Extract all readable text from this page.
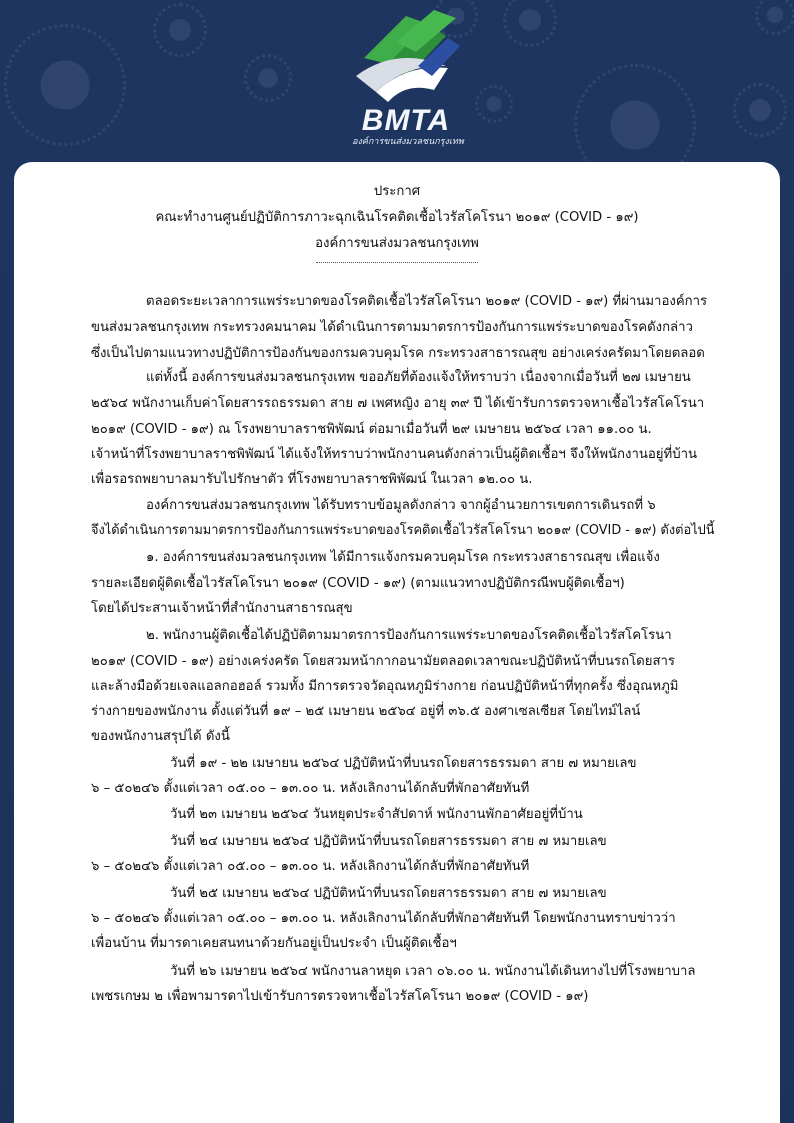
BMTA
องค์การขนส่งมวลชนกรุงเทพ
ประกาศ
คณะทำงานศูนย์ปฏิบัติการภาวะฉุกเฉินโรคติดเชื้อไวรัสโคโรนา ๒๐๑๙ (COVID - ๑๙)
องค์การขนส่งมวลชนกรุงเทพ
ตลอดระยะเวลาการแพร่ระบาดของโรคติดเชื้อไวรัสโคโรนา ๒๐๑๙ (COVID - ๑๙) ที่ผ่านมาองค์การ
ขนส่งมวลชนกรุงเทพ กระทรวงคมนาคม ได้ดำเนินการตามมาตรการป้องกันการแพร่ระบาดของโรคดังกล่าว
ซึ่งเป็นไปตามแนวทางปฏิบัติการป้องกันของกรมควบคุมโรค กระทรวงสาธารณสุข อย่างเคร่งครัดมาโดยตลอด
แต่ทั้งนี้ องค์การขนส่งมวลชนกรุงเทพ ขออภัยที่ต้องแจ้งให้ทราบว่า เนื่องจากเมื่อวันที่ ๒๗ เมษายน
๒๕๖๔ พนักงานเก็บค่าโดยสารรถธรรมดา สาย ๗ เพศหญิง อายุ ๓๙ ปี ได้เข้ารับการตรวจหาเชื้อไวรัสโคโรนา
๒๐๑๙ (COVID - ๑๙) ณ โรงพยาบาลราชพิพัฒน์ ต่อมาเมื่อวันที่ ๒๙ เมษายน ๒๕๖๔ เวลา ๑๑.๐๐ น.
เจ้าหน้าที่โรงพยาบาลราชพิพัฒน์ ได้แจ้งให้ทราบว่าพนักงานคนดังกล่าวเป็นผู้ติดเชื้อฯ จึงให้พนักงานอยู่ที่บ้าน
เพื่อรอรถพยาบาลมารับไปรักษาตัว ที่โรงพยาบาลราชพิพัฒน์ ในเวลา ๑๒.๐๐ น.
องค์การขนส่งมวลชนกรุงเทพ ได้รับทราบข้อมูลดังกล่าว จากผู้อำนวยการเขตการเดินรถที่ ๖
จึงได้ดำเนินการตามมาตรการป้องกันการแพร่ระบาดของโรคติดเชื้อไวรัสโคโรนา ๒๐๑๙ (COVID - ๑๙) ดังต่อไปนี้
๑. องค์การขนส่งมวลชนกรุงเทพ ได้มีการแจ้งกรมควบคุมโรค กระทรวงสาธารณสุข เพื่อแจ้ง
รายละเอียดผู้ติดเชื้อไวรัสโคโรนา ๒๐๑๙ (COVID - ๑๙) (ตามแนวทางปฏิบัติกรณีพบผู้ติดเชื้อฯ)
โดยได้ประสานเจ้าหน้าที่สำนักงานสาธารณสุข
๒. พนักงานผู้ติดเชื้อได้ปฏิบัติตามมาตรการป้องกันการแพร่ระบาดของโรคติดเชื้อไวรัสโคโรนา
๒๐๑๙ (COVID - ๑๙) อย่างเคร่งครัด โดยสวมหน้ากากอนามัยตลอดเวลาขณะปฏิบัติหน้าที่บนรถโดยสาร
และล้างมือด้วยเจลแอลกอฮอล์ รวมทั้ง มีการตรวจวัดอุณหภูมิร่างกาย ก่อนปฏิบัติหน้าที่ทุกครั้ง ซึ่งอุณหภูมิ
ร่างกายของพนักงาน ตั้งแต่วันที่ ๑๙ – ๒๕ เมษายน ๒๕๖๔ อยู่ที่ ๓๖.๕ องศาเซลเซียส โดยไทม์ไลน์
ของพนักงานสรุปได้ ดังนี้
วันที่ ๑๙ - ๒๒ เมษายน ๒๕๖๔ ปฏิบัติหน้าที่บนรถโดยสารธรรมดา สาย ๗ หมายเลข
๖ – ๕๐๒๔๖ ตั้งแต่เวลา ๐๕.๐๐ – ๑๓.๐๐ น. หลังเลิกงานได้กลับที่พักอาศัยทันที
วันที่ ๒๓ เมษายน ๒๕๖๔ วันหยุดประจำสัปดาห์ พนักงานพักอาศัยอยู่ที่บ้าน
วันที่ ๒๔ เมษายน ๒๕๖๔ ปฏิบัติหน้าที่บนรถโดยสารธรรมดา สาย ๗ หมายเลข
๖ – ๕๐๒๔๖ ตั้งแต่เวลา ๐๕.๐๐ – ๑๓.๐๐ น. หลังเลิกงานได้กลับที่พักอาศัยทันที
วันที่ ๒๕ เมษายน ๒๕๖๔ ปฏิบัติหน้าที่บนรถโดยสารธรรมดา สาย ๗ หมายเลข
๖ – ๕๐๒๔๖ ตั้งแต่เวลา ๐๕.๐๐ – ๑๓.๐๐ น. หลังเลิกงานได้กลับที่พักอาศัยทันที โดยพนักงานทราบข่าวว่า
เพื่อนบ้าน ที่มารดาเคยสนทนาด้วยกันอยู่เป็นประจำ เป็นผู้ติดเชื้อฯ
วันที่ ๒๖ เมษายน ๒๕๖๔ พนักงานลาหยุด เวลา ๐๖.๐๐ น. พนักงานได้เดินทางไปที่โรงพยาบาล
เพชรเกษม ๒ เพื่อพามารดาไปเข้ารับการตรวจหาเชื้อไวรัสโคโรนา ๒๐๑๙ (COVID - ๑๙)
